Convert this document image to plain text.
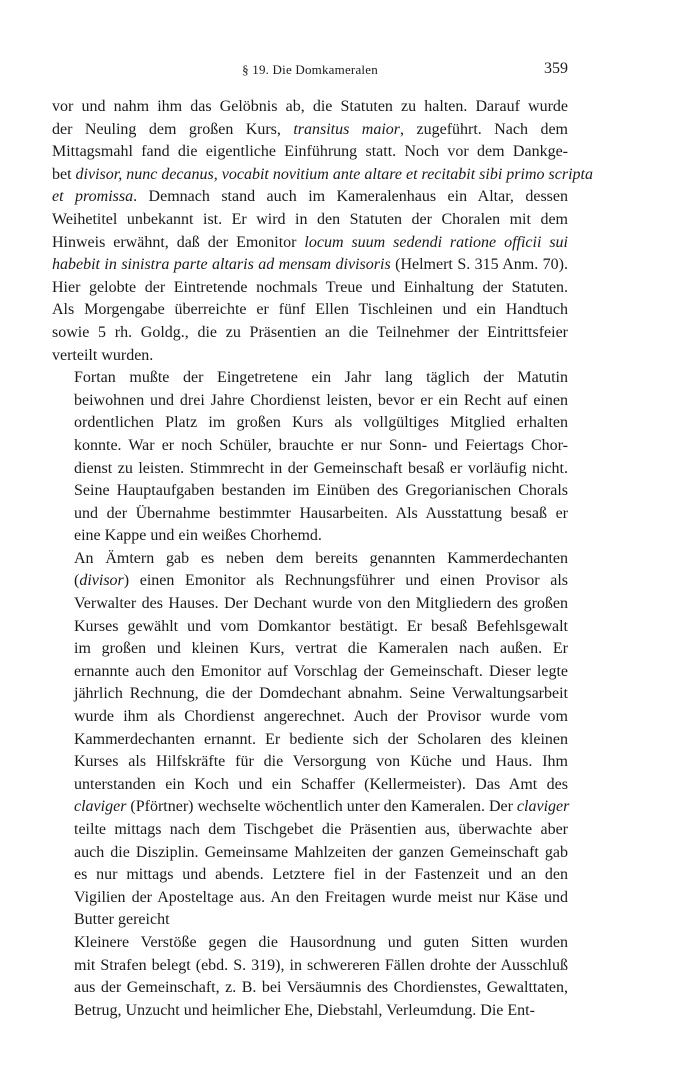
§ 19. Die Domkameralen	359

vor und nahm ihm das Gelöbnis ab, die Statuten zu halten. Darauf wurde
der Neuling dem großen Kurs, transitus maior, zugeführt. Nach dem
Mittagsmahl fand die eigentliche Einführung statt. Noch vor dem Dankge-
bet divisor, nunc decanus, vocabit novitium ante altare et recitabit sibi primo scripta
et promissa. Demnach stand auch im Kameralenhaus ein Altar, dessen
Weihetitel unbekannt ist. Er wird in den Statuten der Choralen mit dem
Hinweis erwähnt, daß der Emonitor locum suum sedendi ratione officii sui
habebit in sinistra parte altaris ad mensam divisoris (Helmert S. 315 Anm. 70).
Hier gelobte der Eintretende nochmals Treue und Einhaltung der Statuten.
Als Morgengabe überreichte er fünf Ellen Tischleinen und ein Handtuch
sowie 5 rh. Goldg., die zu Präsentien an die Teilnehmer der Eintrittsfeier
verteilt wurden.

Fortan mußte der Eingetretene ein Jahr lang täglich der Matutin
beiwohnen und drei Jahre Chordienst leisten, bevor er ein Recht auf einen
ordentlichen Platz im großen Kurs als vollgültiges Mitglied erhalten
konnte. War er noch Schüler, brauchte er nur Sonn- und Feiertags Chor-
dienst zu leisten. Stimmrecht in der Gemeinschaft besaß er vorläufig nicht.
Seine Hauptaufgaben bestanden im Einüben des Gregorianischen Chorals
und der Übernahme bestimmter Hausarbeiten. Als Ausstattung besaß er
eine Kappe und ein weißes Chorhemd.

An Ämtern gab es neben dem bereits genannten Kammerdechanten
(divisor) einen Emonitor als Rechnungsführer und einen Provisor als
Verwalter des Hauses. Der Dechant wurde von den Mitgliedern des großen
Kurses gewählt und vom Domkantor bestätigt. Er besaß Befehlsgewalt
im großen und kleinen Kurs, vertrat die Kameralen nach außen. Er
ernannte auch den Emonitor auf Vorschlag der Gemeinschaft. Dieser legte
jährlich Rechnung, die der Domdechant abnahm. Seine Verwaltungsarbeit
wurde ihm als Chordienst angerechnet. Auch der Provisor wurde vom
Kammerdechanten ernannt. Er bediente sich der Scholaren des kleinen
Kurses als Hilfskräfte für die Versorgung von Küche und Haus. Ihm
unterstanden ein Koch und ein Schaffer (Kellermeister). Das Amt des
claviger (Pförtner) wechselte wöchentlich unter den Kameralen. Der claviger
teilte mittags nach dem Tischgebet die Präsentien aus, überwachte aber
auch die Disziplin. Gemeinsame Mahlzeiten der ganzen Gemeinschaft gab
es nur mittags und abends. Letztere fiel in der Fastenzeit und an den
Vigilien der Aposteltage aus. An den Freitagen wurde meist nur Käse und
Butter gereicht

Kleinere Verstöße gegen die Hausordnung und guten Sitten wurden
mit Strafen belegt (ebd. S. 319), in schwereren Fällen drohte der Ausschluß
aus der Gemeinschaft, z. B. bei Versäumnis des Chordienstes, Gewalttaten,
Betrug, Unzucht und heimlicher Ehe, Diebstahl, Verleumdung. Die Ent-
